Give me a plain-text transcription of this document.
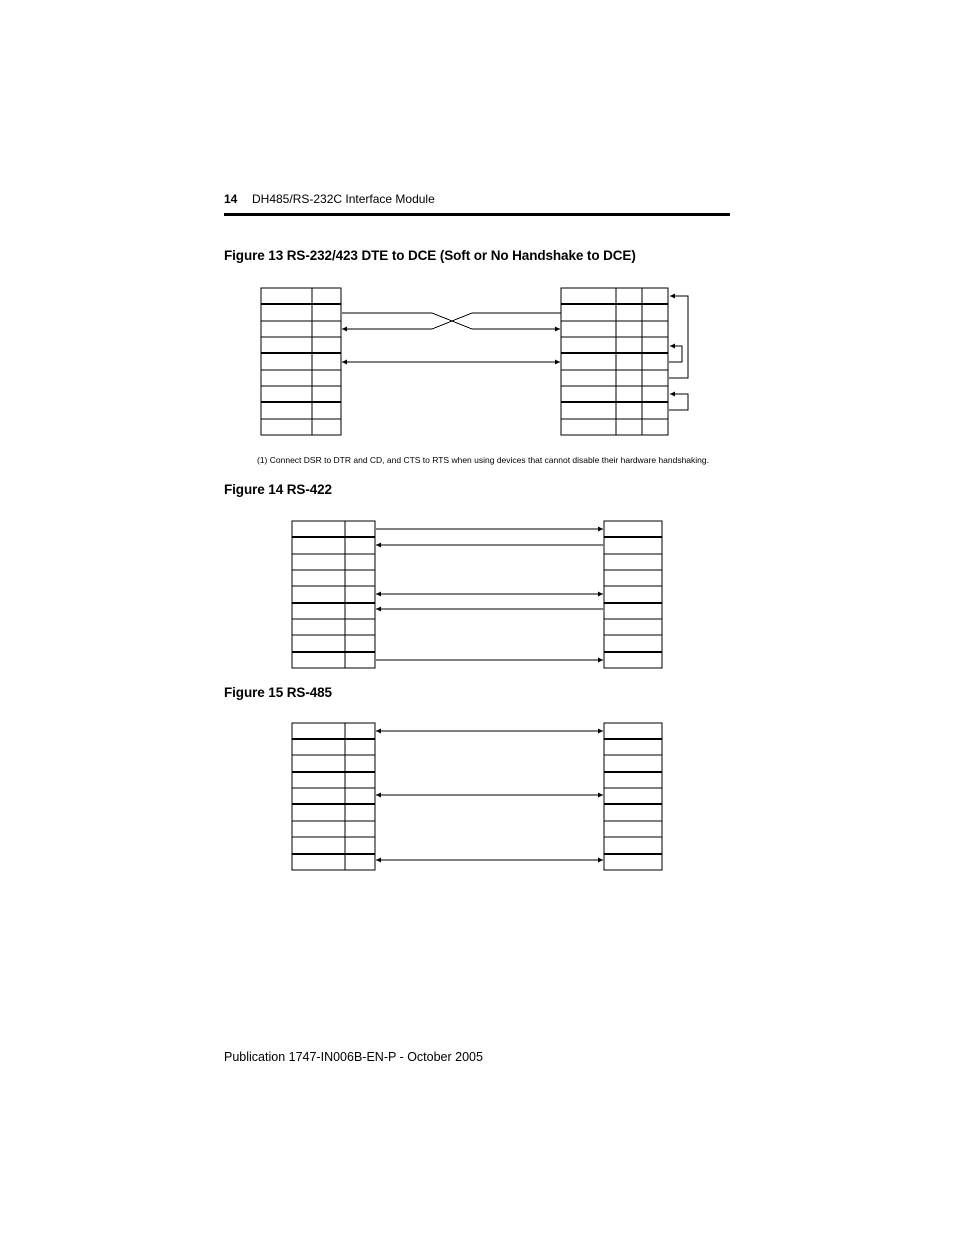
14 DH485/RS-232C Interface Module
Figure 13 RS-232/423 DTE to DCE (Soft or No Handshake to DCE)
(1) Connect DSR to DTR and CD, and CTS to RTS when using devices that cannot disable their hardware handshaking.
Figure 14 RS-422
Figure 15 RS-485
Publication 1747-IN006B-EN-P - October 2005
